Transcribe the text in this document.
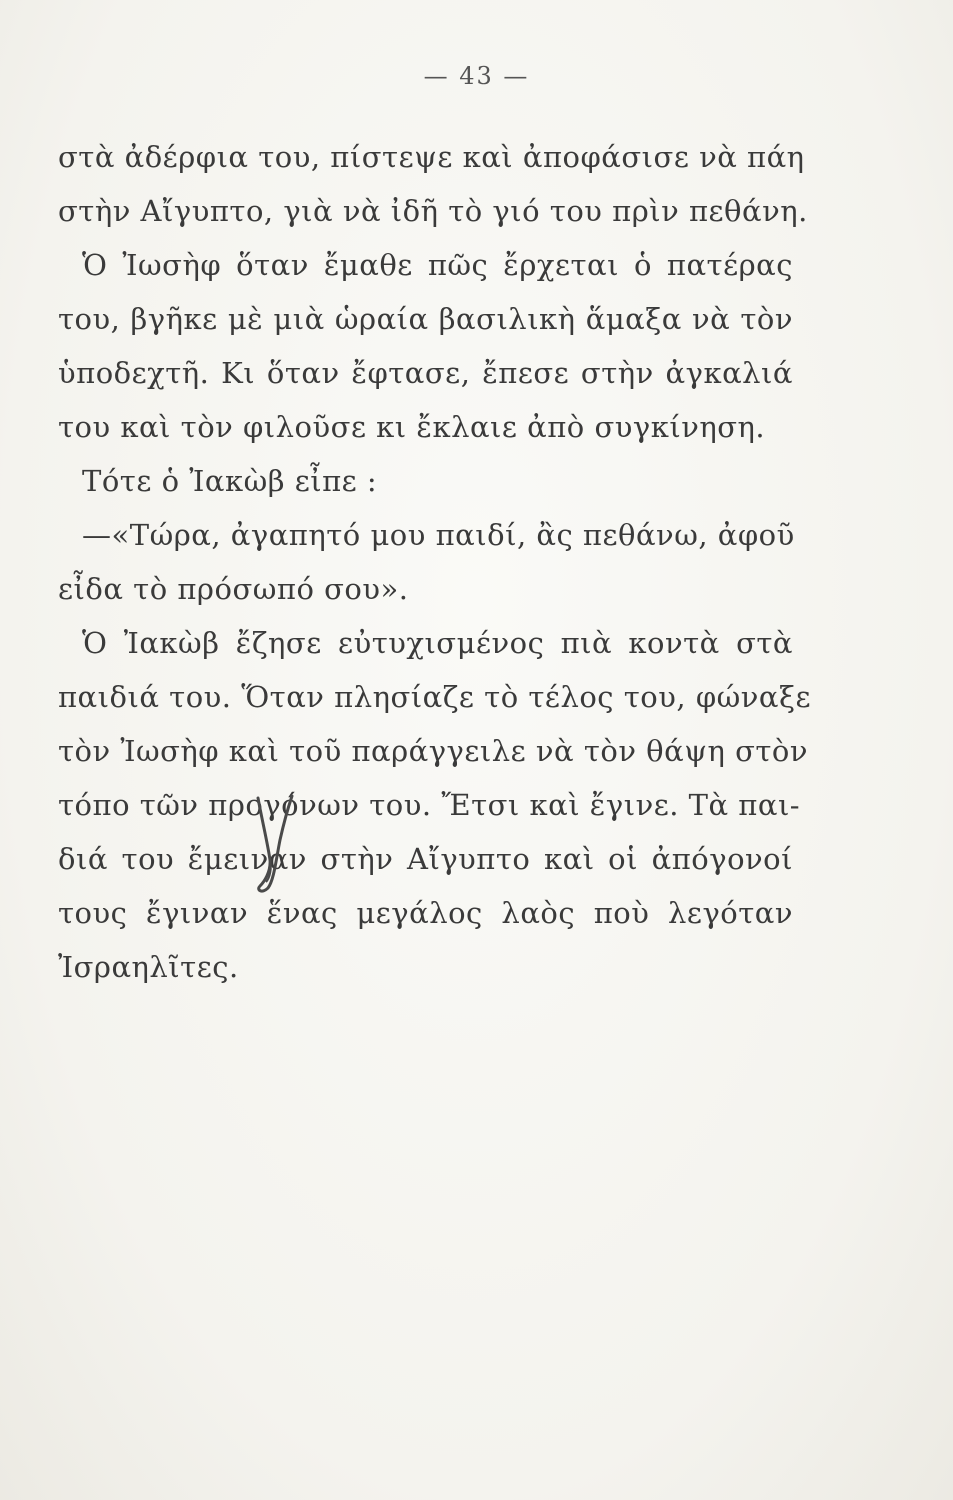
— 43 —
στὰ ἀδέρφια του, πίστεψε καὶ ἀποφάσισε νὰ πάη
στὴν Αἴγυπτο, γιὰ νὰ ἰδῆ τὸ γιό του πρὶν πεθάνη.
Ὁ Ἰωσὴφ ὅταν ἔμαθε πῶς ἔρχεται ὁ πατέρας
του, βγῆκε μὲ μιὰ ὡραία βασιλικὴ ἅμαξα νὰ τὸν
ὑποδεχτῆ. Κι ὅταν ἔφτασε, ἔπεσε στὴν ἀγκαλιά
του καὶ τὸν φιλοῦσε κι ἔκλαιε ἀπὸ συγκίνηση.
Τότε ὁ Ἰακὼβ εἶπε :
—«Τώρα, ἀγαπητό μου παιδί, ἂς πεθάνω, ἀφοῦ
εἶδα τὸ πρόσωπό σου».
Ὁ Ἰακὼβ ἔζησε εὐτυχισμένος πιὰ κοντὰ στὰ
παιδιά του. Ὅταν πλησίαζε τὸ τέλος του, φώναξε
τὸν Ἰωσὴφ καὶ τοῦ παράγγειλε νὰ τὸν θάψη στὸν
τόπο τῶν προγόνων του. Ἔτσι καὶ ἔγινε. Τὰ παι-
διά του ἔμειναν στὴν Αἴγυπτο καὶ οἱ ἀπόγονοί
τους ἔγιναν ἕνας μεγάλος λαὸς ποὺ λεγόταν
Ἰσραηλῖτες.
